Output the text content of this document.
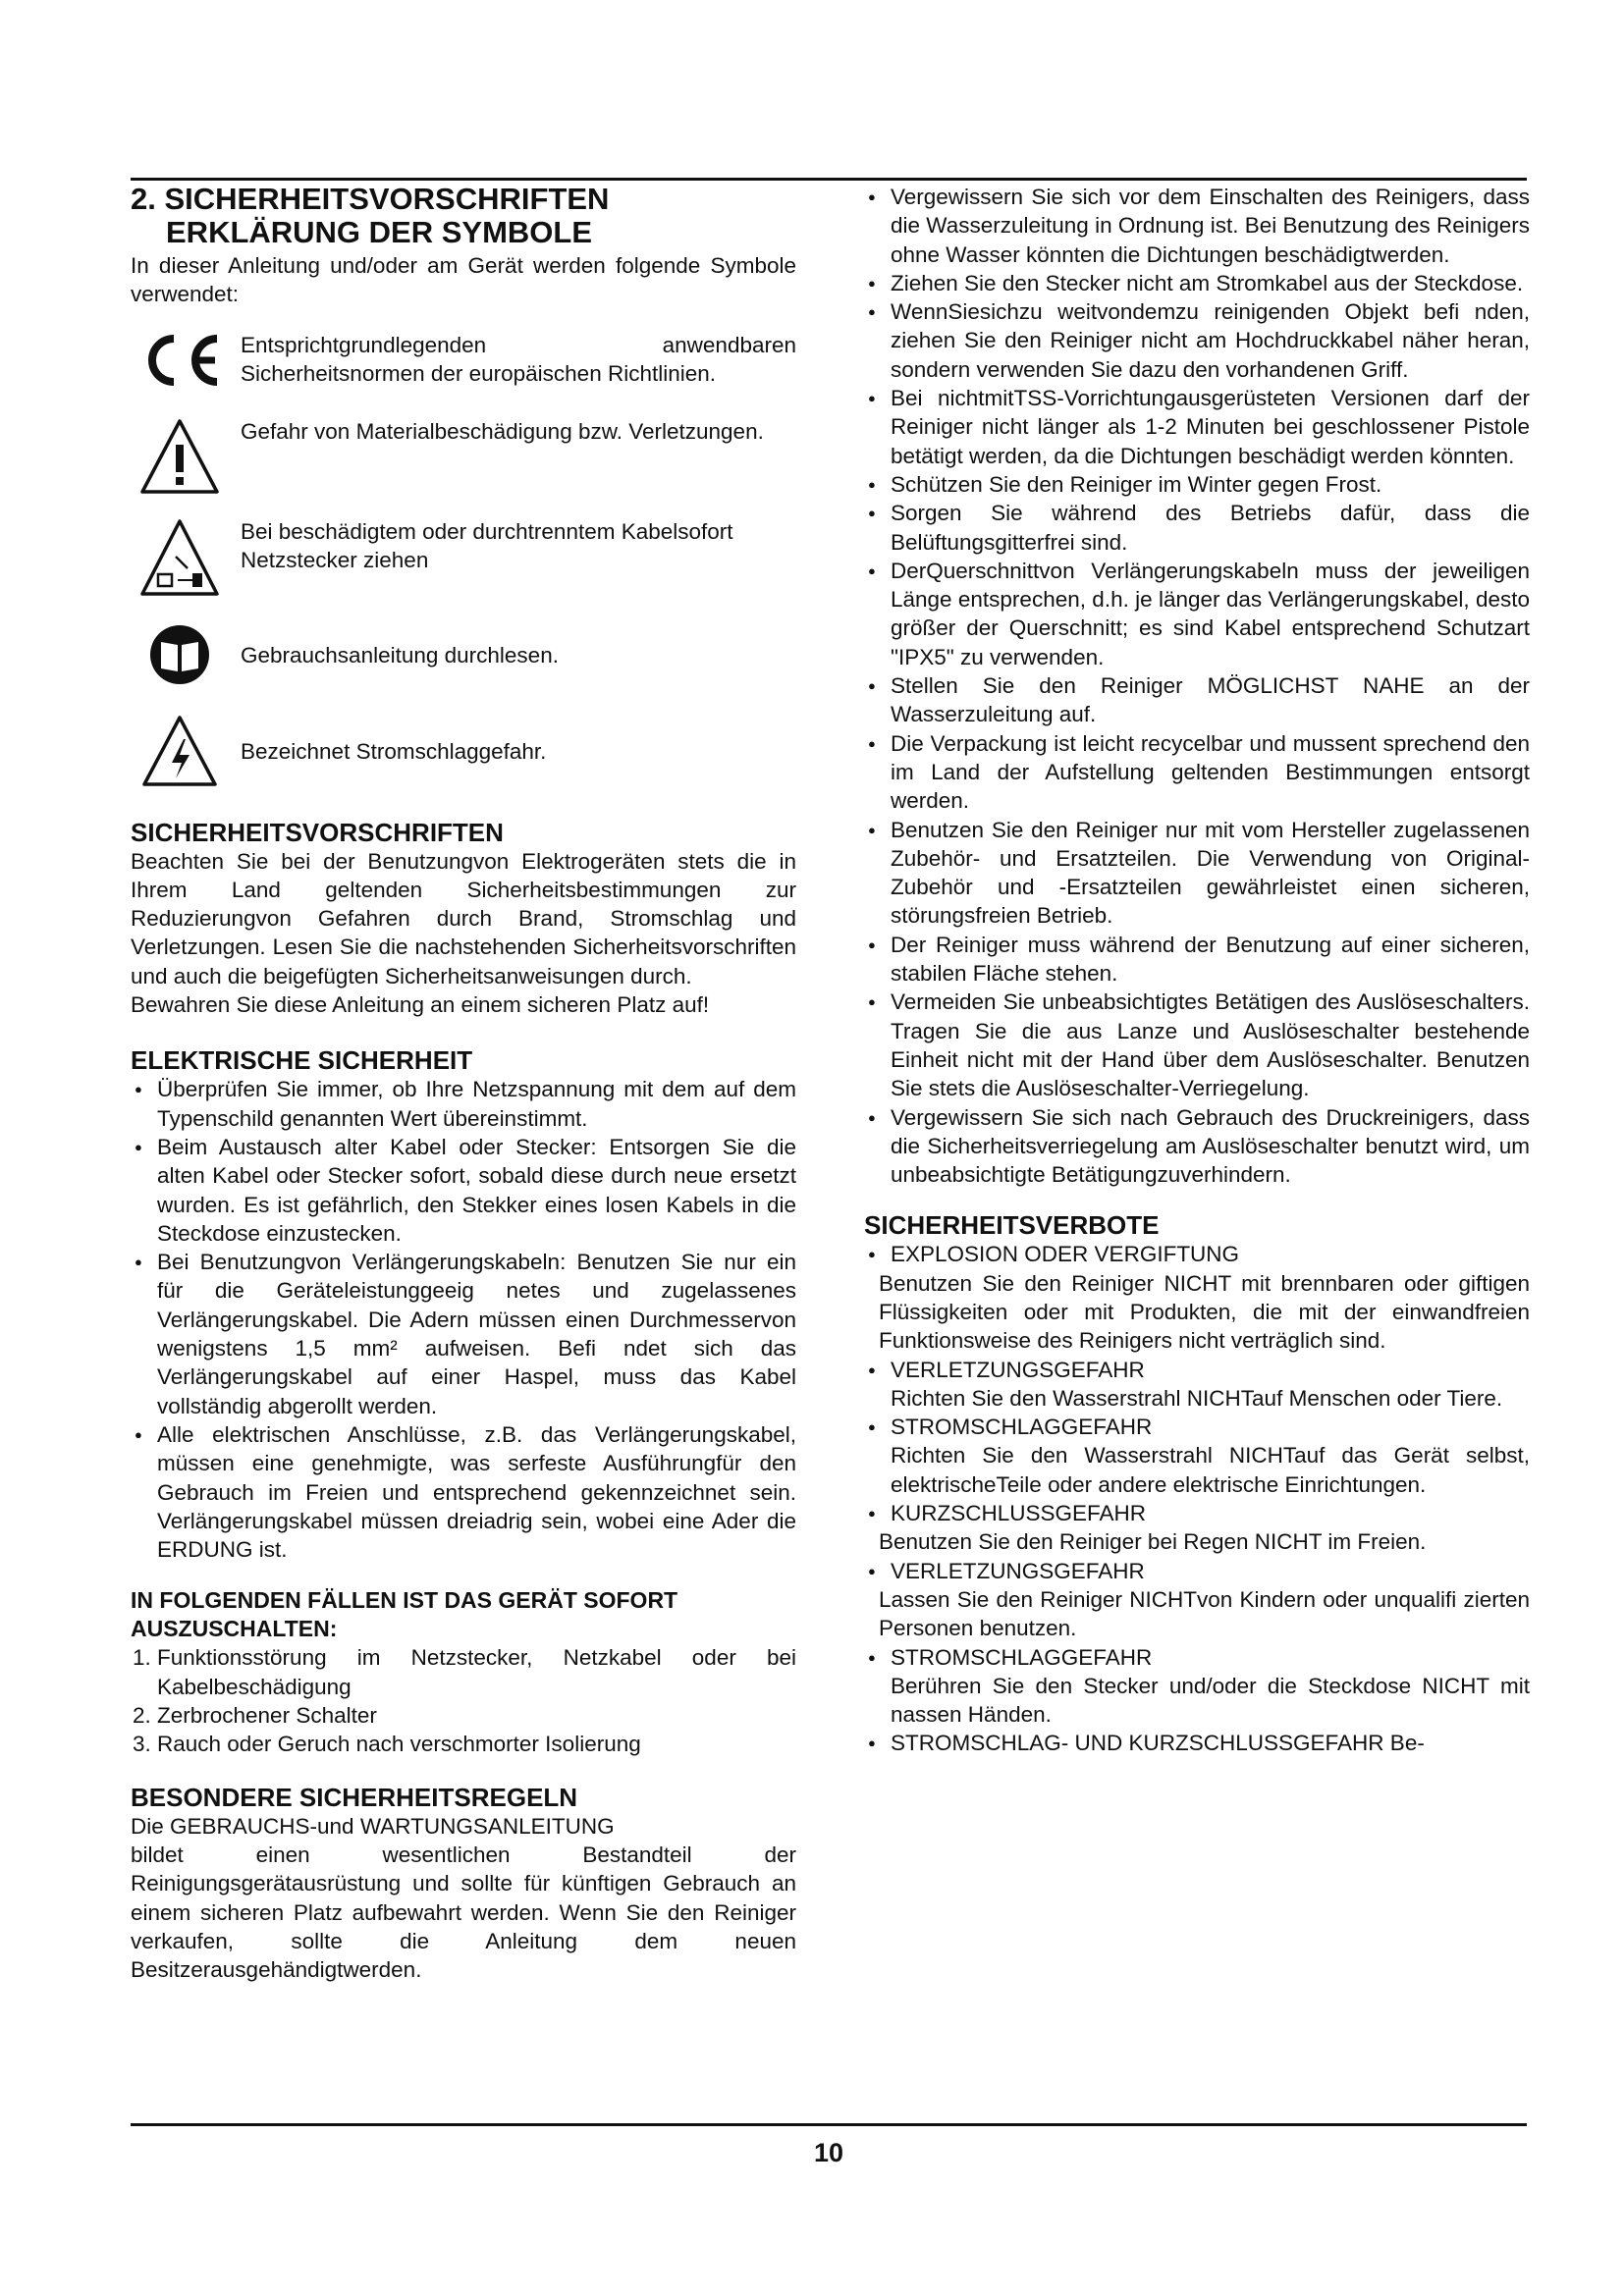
2. SICHERHEITSVORSCHRIFTEN
ERKLÄRUNG DER SYMBOLE

In dieser Anleitung und/oder am Gerät werden folgende Symbole verwendet:

Entsprichtgrundlegenden anwendbaren Sicherheitsnormen der europäischen Richtlinien.

Gefahr von Materialbeschädigung bzw. Verletzungen.

Bei beschädigtem oder durchtrenntem Kabelsofort Netzstecker ziehen

Gebrauchsanleitung durchlesen.

Bezeichnet Stromschlaggefahr.

SICHERHEITSVORSCHRIFTEN

Beachten Sie bei der Benutzungvon Elektrogeräten stets die in Ihrem Land geltenden Sicherheitsbestimmungen zur Reduzierungvon Gefahren durch Brand, Stromschlag und Verletzungen. Lesen Sie die nachstehenden Sicherheitsvorschriften und auch die beigefügten Sicherheitsanweisungen durch.

Bewahren Sie diese Anleitung an einem sicheren Platz auf!

ELEKTRISCHE SICHERHEIT
● Überprüfen Sie immer, ob Ihre Netzspannung mit dem auf dem Typenschild genannten Wert übereinstimmt.
● Beim Austausch alter Kabel oder Stecker: Entsorgen Sie die alten Kabel oder Stecker sofort, sobald diese durch neue ersetzt wurden. Es ist gefährlich, den Stekker eines losen Kabels in die Steckdose einzustecken.
● Bei Benutzungvon Verlängerungskabeln: Benutzen Sie nur ein für die Geräteleistunggeeig netes und zugelassenes Verlängerungskabel. Die Adern müssen einen Durchmesservon wenigstens 1,5 mm² aufweisen. Befi ndet sich das Verlängerungskabel auf einer Haspel, muss das Kabel vollständig abgerollt werden.
● Alle elektrischen Anschlüsse, z.B. das Verlängerungskabel, müssen eine genehmigte, was serfeste Ausführungfür den Gebrauch im Freien und entsprechend gekennzeichnet sein. Verlängerungskabel müssen dreiadrig sein, wobei eine Ader die ERDUNG ist.
IN FOLGENDEN FÄLLEN IST DAS GERÄT SOFORT AUSZUSCHALTEN:
1. Funktionsstörung im Netzstecker, Netzkabel oder bei Kabelbeschädigung
2. Zerbrochener Schalter
3. Rauch oder Geruch nach verschmorter Isolierung
BESONDERE SICHERHEITSREGELN

Die GEBRAUCHS-und WARTUNGSANLEITUNG

bildet einen wesentlichen Bestandteil der Reinigungsgerätausrüstung und sollte für künftigen Gebrauch an einem sicheren Platz aufbewahrt werden. Wenn Sie den Reiniger verkaufen, sollte die Anleitung dem neuen Besitzerausgehändigtwerden.

● Vergewissern Sie sich vor dem Einschalten des Reinigers, dass die Wasserzuleitung in Ordnung ist. Bei Benutzung des Reinigers ohne Wasser könnten die Dichtungen beschädigtwerden.
● Ziehen Sie den Stecker nicht am Stromkabel aus der Steckdose.
● WennSiesichzu weitvondemzu reinigenden Objekt befi nden, ziehen Sie den Reiniger nicht am Hochdruckkabel näher heran, sondern verwenden Sie dazu den vorhandenen Griff.
● Bei nichtmitTSS-Vorrichtungausgerüsteten Versionen darf der Reiniger nicht länger als 1-2 Minuten bei geschlossener Pistole betätigt werden, da die Dichtungen beschädigt werden könnten.
● Schützen Sie den Reiniger im Winter gegen Frost.
● Sorgen Sie während des Betriebs dafür, dass die Belüftungsgitterfrei sind.
● DerQuerschnittvon Verlängerungskabeln muss der jeweiligen Länge entsprechen, d.h. je länger das Verlängerungskabel, desto größer der Querschnitt; es sind Kabel entsprechend Schutzart "IPX5" zu verwenden.
● Stellen Sie den Reiniger MÖGLICHST NAHE an der Wasserzuleitung auf.
● Die Verpackung ist leicht recycelbar und mussent sprechend den im Land der Aufstellung geltenden Bestimmungen entsorgt werden.
● Benutzen Sie den Reiniger nur mit vom Hersteller zugelassenen Zubehör- und Ersatzteilen. Die Verwendung von Original-Zubehör und -Ersatzteilen gewährleistet einen sicheren, störungsfreien Betrieb.
● Der Reiniger muss während der Benutzung auf einer sicheren, stabilen Fläche stehen.
● Vermeiden Sie unbeabsichtigtes Betätigen des Auslöseschalters. Tragen Sie die aus Lanze und Auslöseschalter bestehende Einheit nicht mit der Hand über dem Auslöseschalter. Benutzen Sie stets die Auslöseschalter-Verriegelung.
● Vergewissern Sie sich nach Gebrauch des Druckreinigers, dass die Sicherheitsverriegelung am Auslöseschalter benutzt wird, um unbeabsichtigte Betätigungzuverhindern.
SICHERHEITSVERBOTE
● EXPLOSION ODER VERGIFTUNG

Benutzen Sie den Reiniger NICHT mit brennbaren oder giftigen Flüssigkeiten oder mit Produkten, die mit der einwandfreien Funktionsweise des Reinigers nicht verträglich sind.

● VERLETZUNGSGEFAHR
Richten Sie den Wasserstrahl NICHTauf Menschen oder Tiere.
● STROMSCHLAGGEFAHR
Richten Sie den Wasserstrahl NICHTauf das Gerät selbst, elektrischeTeile oder andere elektrische Einrichtungen.
● KURZSCHLUSSGEFAHR

Benutzen Sie den Reiniger bei Regen NICHT im Freien.

● VERLETZUNGSGEFAHR

Lassen Sie den Reiniger NICHTvon Kindern oder unqualifi zierten Personen benutzen.

● STROMSCHLAGGEFAHR
Berühren Sie den Stecker und/oder die Steckdose NICHT mit nassen Händen.
● STROMSCHLAG- UND KURZSCHLUSSGEFAHR Be-
10
